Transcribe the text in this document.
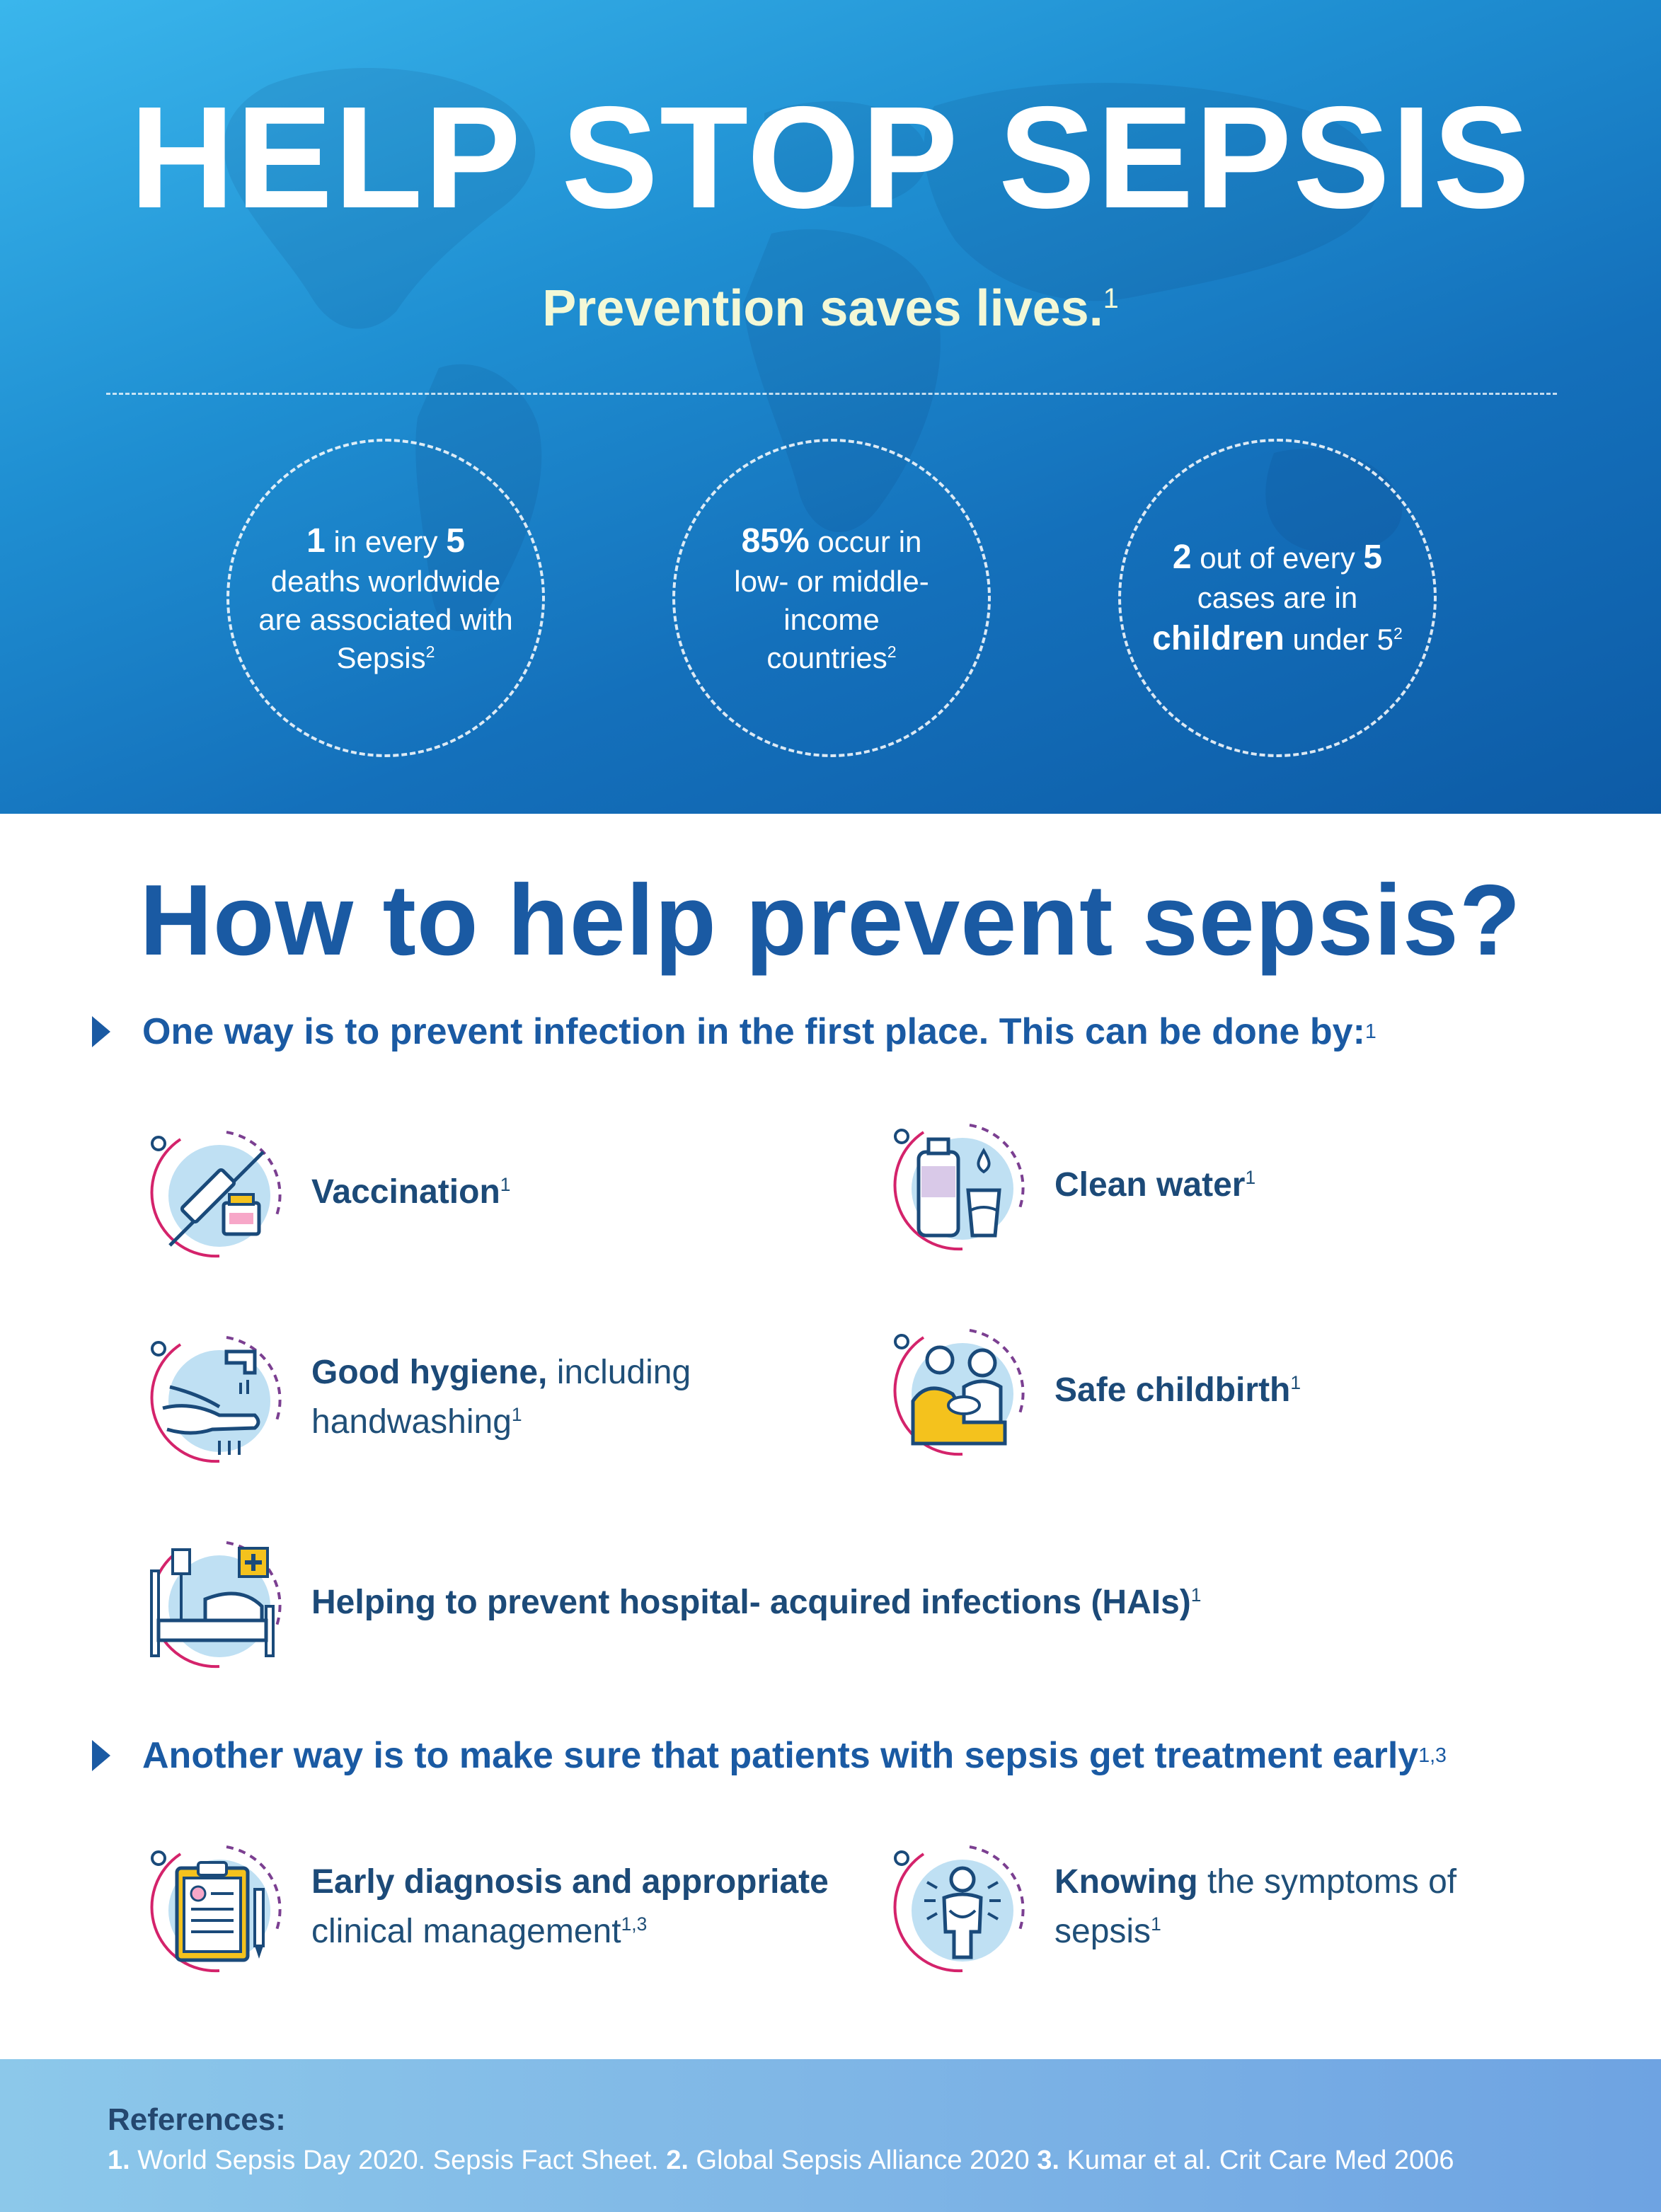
HELP STOP SEPSIS
Prevention saves lives.$^1$
1 in every 5
deaths worldwide are associated with Sepsis$^2$
85% occur in low- or middle-income countries$^2$
2 out of every 5
cases are in
children under $5^2$
How to help prevent sepsis?
One way is to prevent infection in the first place. This can be done by: 1
Vaccination$^1$	Clean water$^1$
Good hygiene, including
handwashing$^1$
Safe childbirth$^1$
Helping to prevent hospital- acquired infections (HAIs)$^1$
Another way is to make sure that patients with sepsis get treatment early 1,3
Early diagnosis and appropriate
clinical management$^{1,3}$
Knowing the symptoms of
sepsis$^1$
References:
1. World Sepsis Day 2020. Sepsis Fact Sheet. 2. Global Sepsis Alliance 2020 3. Kumar et al. Crit Care Med 2006
